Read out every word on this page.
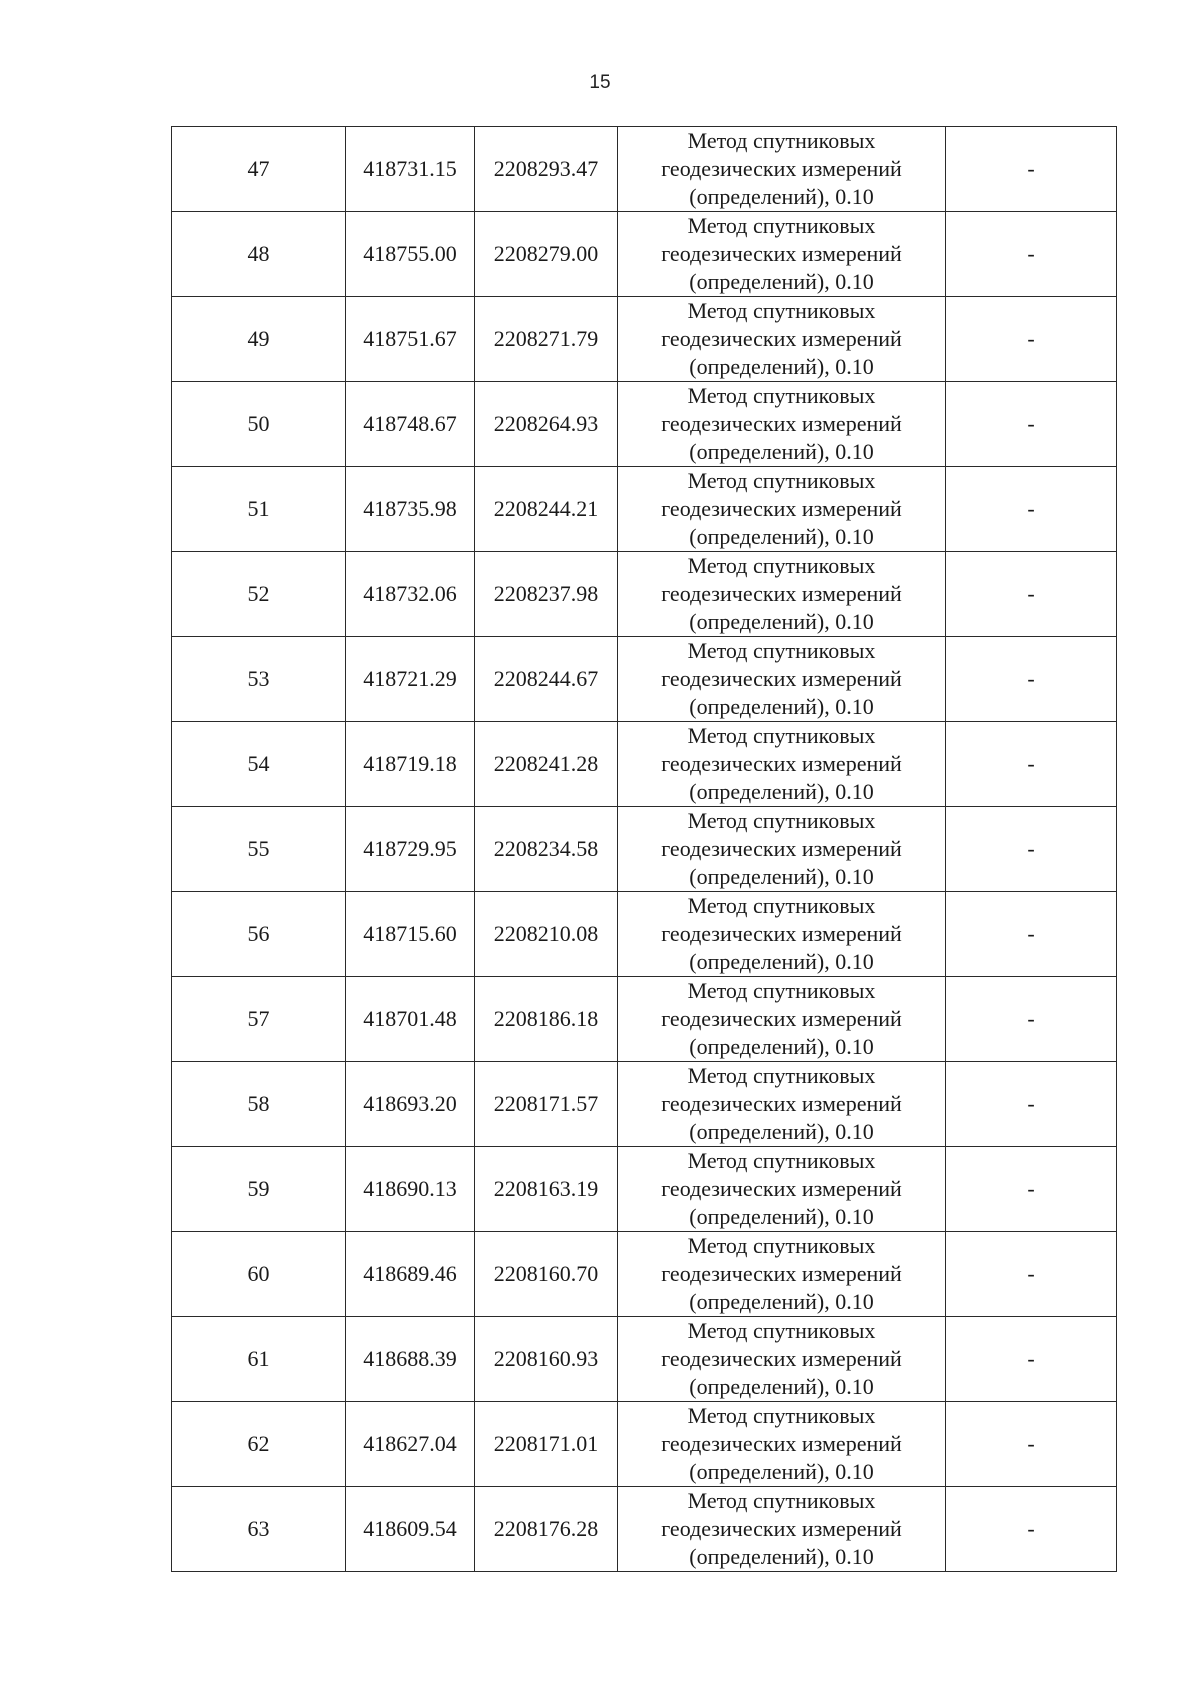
15
47	418731.15	2208293.47	Метод спутниковых
геодезических измерений
(определений), 0.10	-
48	418755.00	2208279.00	Метод спутниковых
геодезических измерений
(определений), 0.10	-
49	418751.67	2208271.79	Метод спутниковых
геодезических измерений
(определений), 0.10	-
50	418748.67	2208264.93	Метод спутниковых
геодезических измерений
(определений), 0.10	-
51	418735.98	2208244.21	Метод спутниковых
геодезических измерений
(определений), 0.10	-
52	418732.06	2208237.98	Метод спутниковых
геодезических измерений
(определений), 0.10	-
53	418721.29	2208244.67	Метод спутниковых
геодезических измерений
(определений), 0.10	-
54	418719.18	2208241.28	Метод спутниковых
геодезических измерений
(определений), 0.10	-
55	418729.95	2208234.58	Метод спутниковых
геодезических измерений
(определений), 0.10	-
56	418715.60	2208210.08	Метод спутниковых
геодезических измерений
(определений), 0.10	-
57	418701.48	2208186.18	Метод спутниковых
геодезических измерений
(определений), 0.10	-
58	418693.20	2208171.57	Метод спутниковых
геодезических измерений
(определений), 0.10	-
59	418690.13	2208163.19	Метод спутниковых
геодезических измерений
(определений), 0.10	-
60	418689.46	2208160.70	Метод спутниковых
геодезических измерений
(определений), 0.10	-
61	418688.39	2208160.93	Метод спутниковых
геодезических измерений
(определений), 0.10	-
62	418627.04	2208171.01	Метод спутниковых
геодезических измерений
(определений), 0.10	-
63	418609.54	2208176.28	Метод спутниковых
геодезических измерений
(определений), 0.10	-
